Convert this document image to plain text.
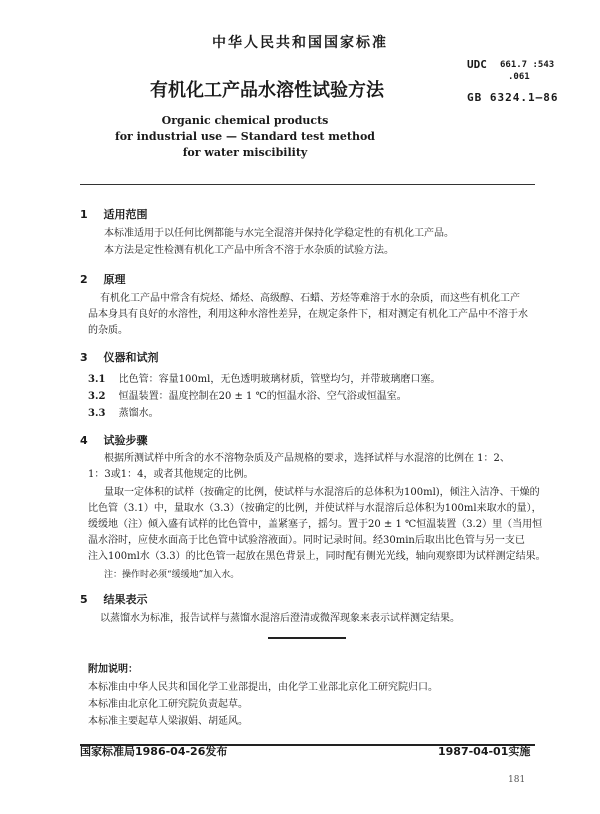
中华人民共和国国家标准
UDC 661.7 :543
.061
GB 6324.1—86
有机化工产品水溶性试验方法
Organic chemical products
for industrial use — Standard test method
for water miscibility
1 适用范围
本标准适用于以任何比例都能与水完全混溶并保持化学稳定性的有机化工产品。
本方法是定性检测有机化工产品中所含不溶于水杂质的试验方法。
2 原理
有机化工产品中常含有烷烃、烯烃、高级醇、石蜡、芳烃等难溶于水的杂质，而这些有机化工产
品本身具有良好的水溶性，利用这种水溶性差异，在规定条件下，相对测定有机化工产品中不溶于水
的杂质。
3 仪器和试剂
3.1 比色管：容量100ml，无色透明玻璃材质，管壁均匀，并带玻璃磨口塞。
3.2 恒温装置：温度控制在20 ± 1 ℃的恒温水浴、空气浴或恒温室。
3.3 蒸馏水。
4 试验步骤
根据所测试样中所含的水不溶物杂质及产品规格的要求，选择试样与水混溶的比例在 1：2、
1：3或1：4，或者其他规定的比例。
量取一定体积的试样（按确定的比例，使试样与水混溶后的总体积为100ml)，倾注入洁净、干燥的
比色管（3.1）中，量取水（3.3）（按确定的比例，并使试样与水混溶后总体积为100ml来取水的量），
缓缓地（注）倾入盛有试样的比色管中，盖紧塞子，摇匀。置于20 ± 1 ℃恒温装置（3.2）里（当用恒
温水浴时，应使水面高于比色管中试验溶液面）。同时记录时间。经30min后取出比色管与另一支已
注入100ml水（3.3）的比色管一起放在黑色背景上，同时配有侧光光线，轴向观察即为试样测定结果。
注：操作时必须“缓缓地”加入水。
5 结果表示
以蒸馏水为标准，报告试样与蒸馏水混溶后澄清或微浑现象来表示试样测定结果。
附加说明：
本标准由中华人民共和国化学工业部提出，由化学工业部北京化工研究院归口。
本标准由北京化工研究院负责起草。
本标准主要起草人梁淑娟、胡延风。
国家标准局1986-04-26发布	1987-04-01实施
181
